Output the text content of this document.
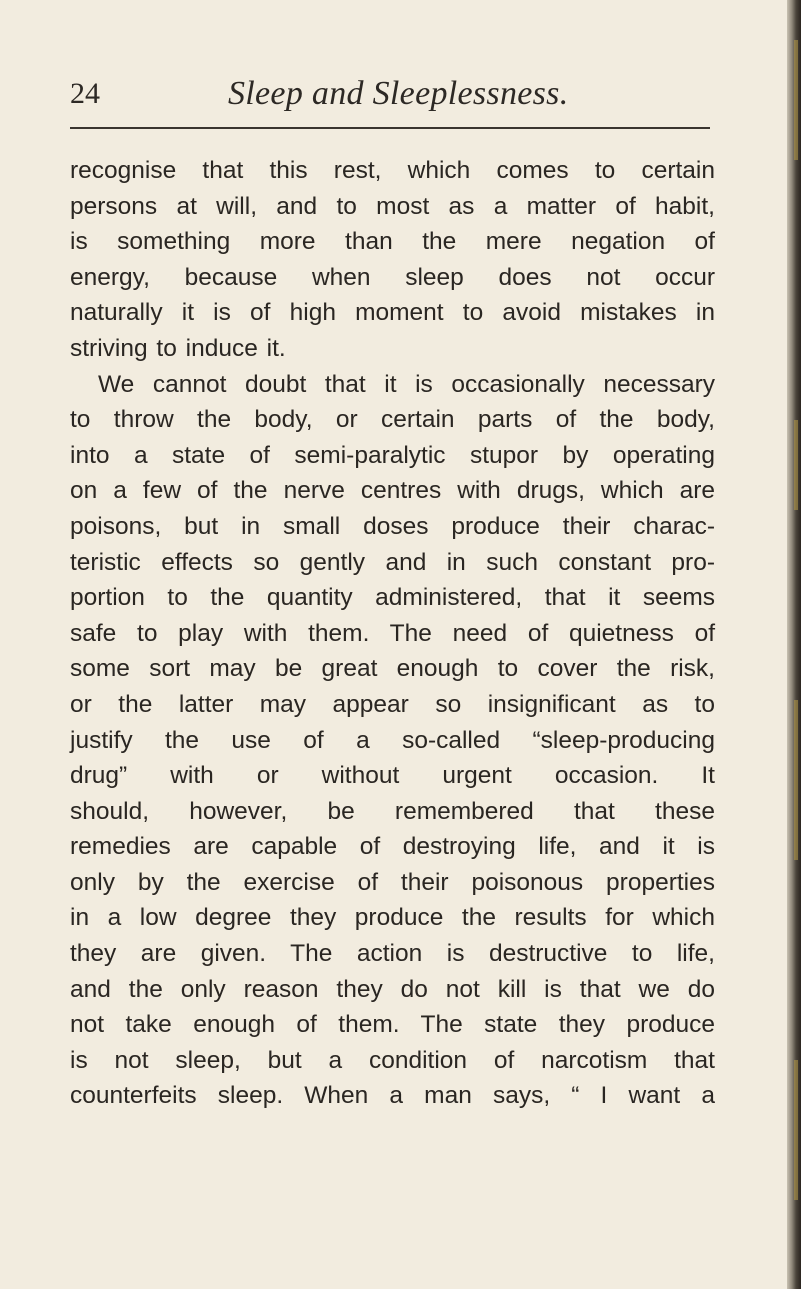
24	Sleep and Sleeplessness.
recognise that this rest, which comes to certain
persons at will, and to most as a matter of habit,
is something more than the mere negation of
energy, because when sleep does not occur
naturally it is of high moment to avoid mistakes in
striving to induce it.
We cannot doubt that it is occasionally necessary
to throw the body, or certain parts of the body,
into a state of semi-paralytic stupor by operating
on a few of the nerve centres with drugs, which are
poisons, but in small doses produce their charac-
teristic effects so gently and in such constant pro-
portion to the quantity administered, that it seems
safe to play with them. The need of quietness of
some sort may be great enough to cover the risk,
or the latter may appear so insignificant as to
justify the use of a so-called “sleep-producing
drug” with or without urgent occasion. It
should, however, be remembered that these
remedies are capable of destroying life, and it is
only by the exercise of their poisonous properties
in a low degree they produce the results for which
they are given. The action is destructive to life,
and the only reason they do not kill is that we do
not take enough of them. The state they produce
is not sleep, but a condition of narcotism that
counterfeits sleep. When a man says, “ I want a
